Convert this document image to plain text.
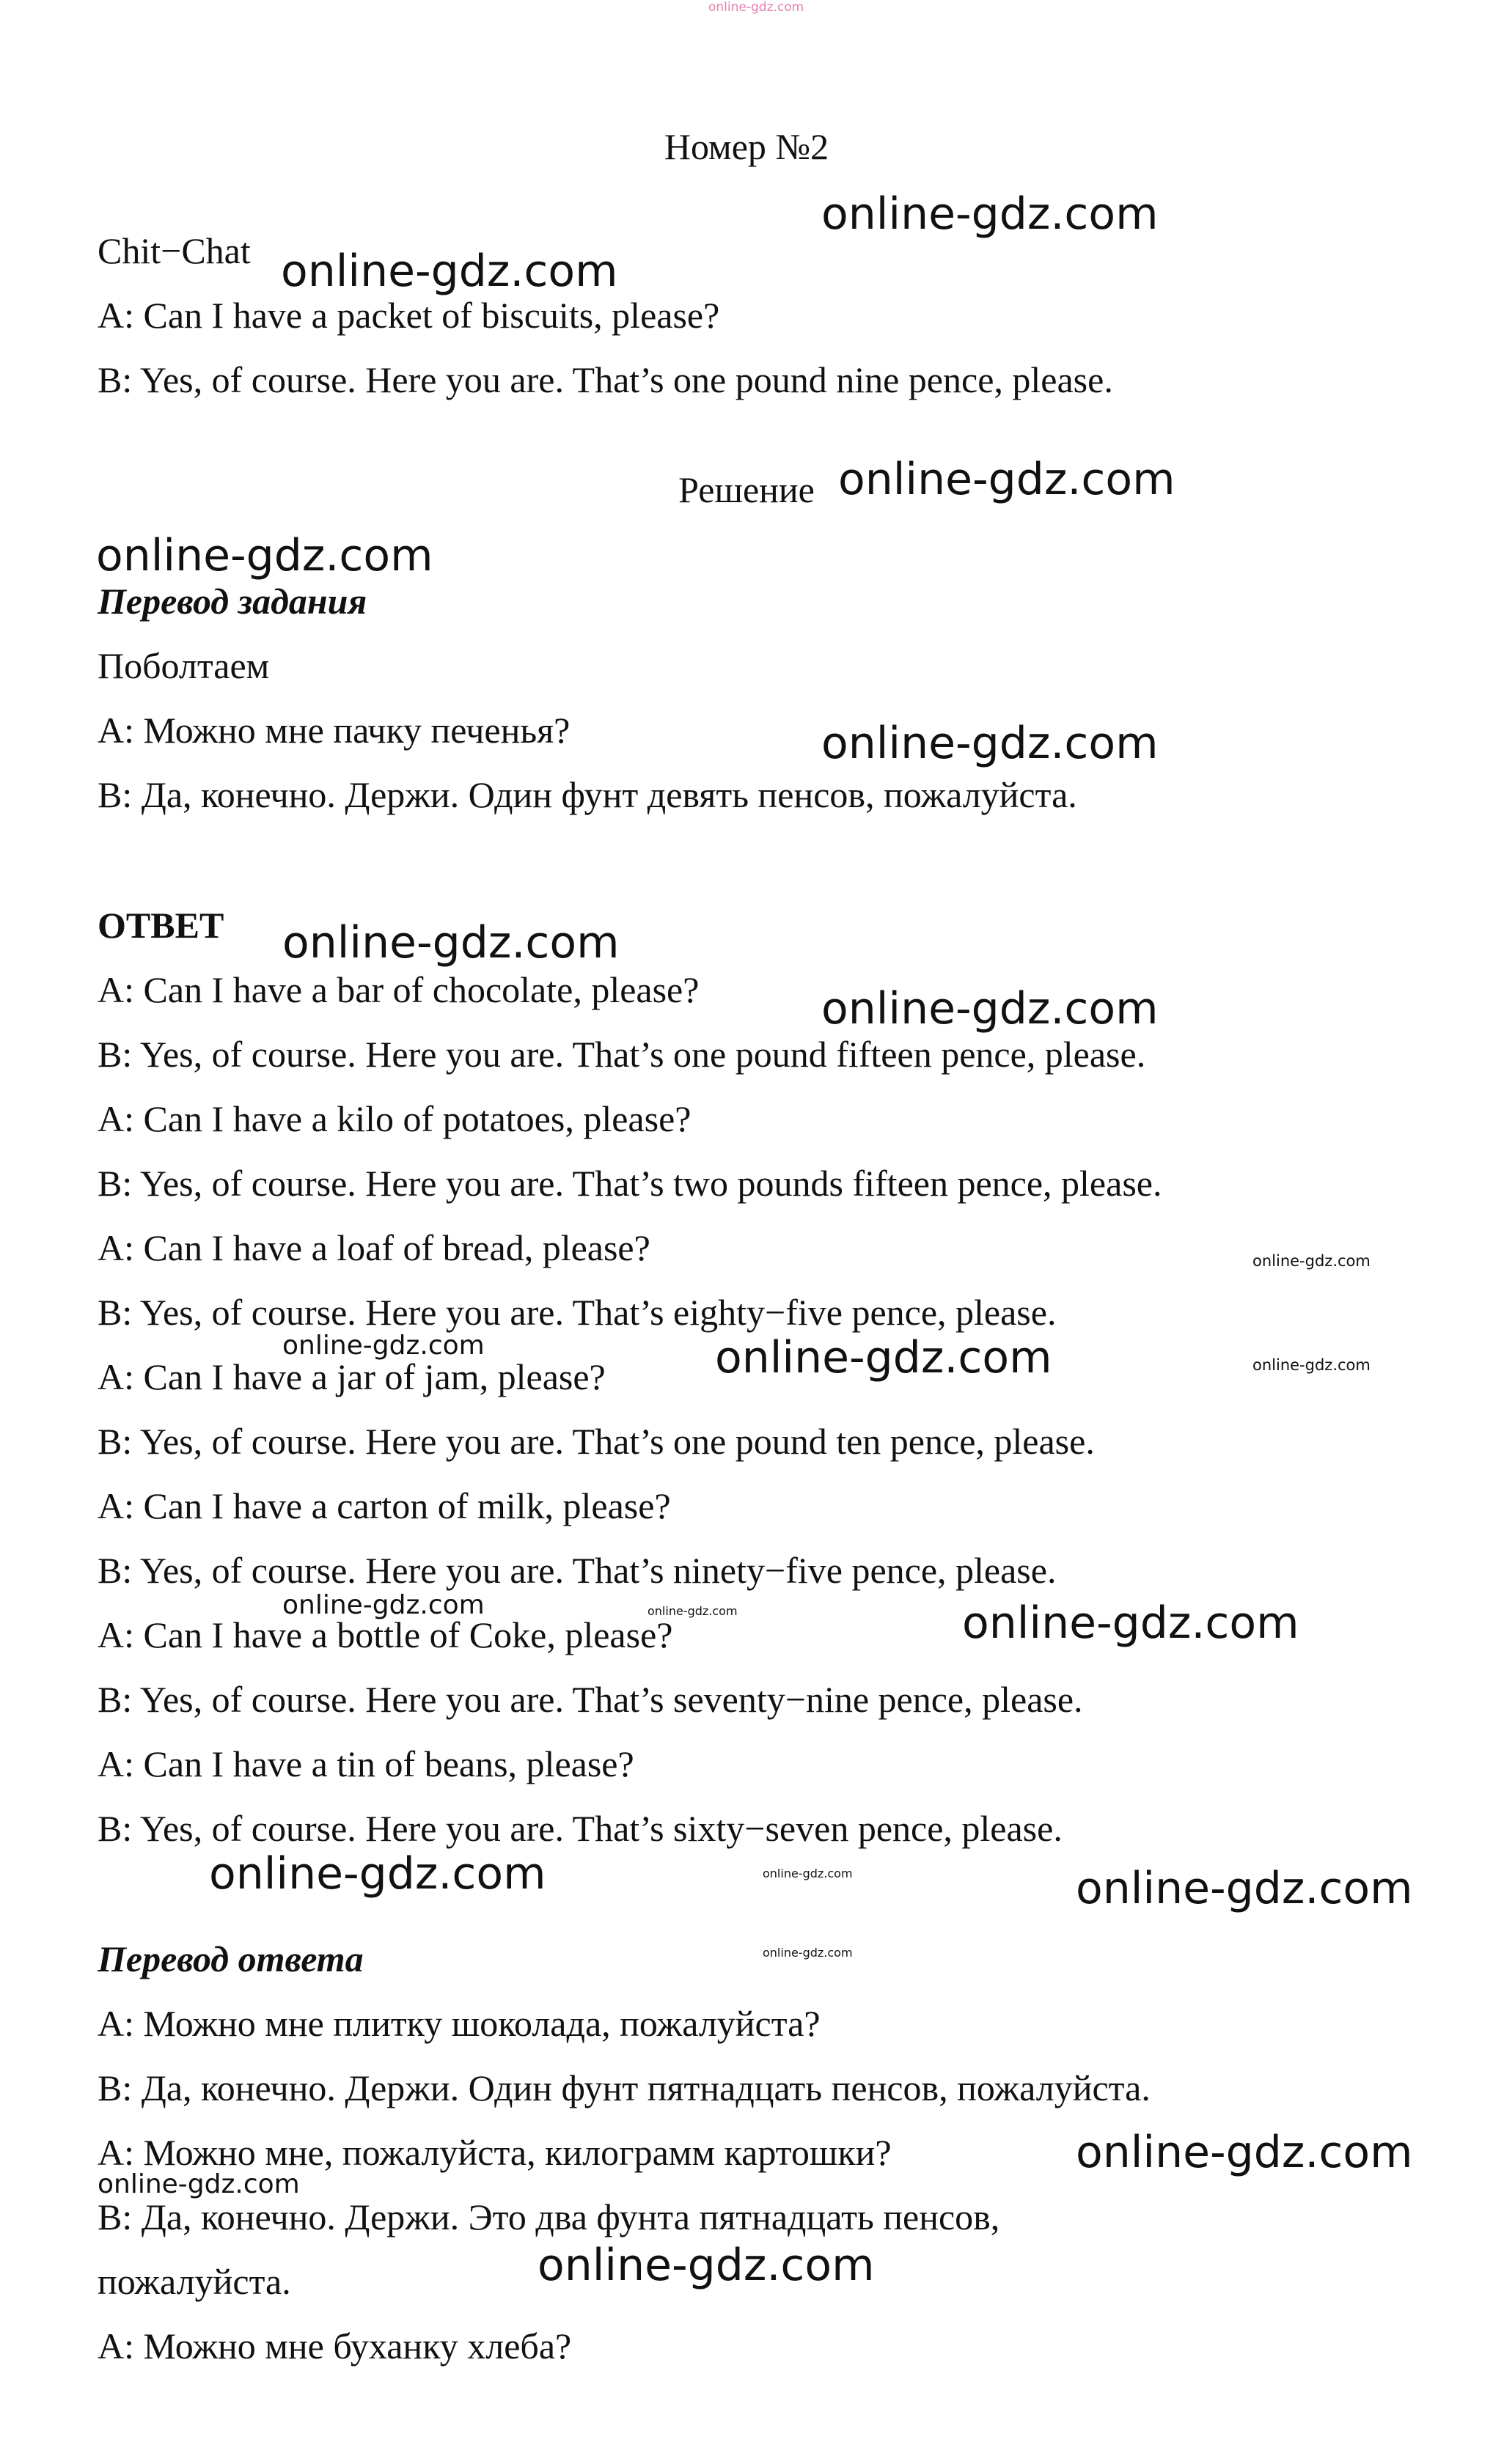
Номер №2
Chit−Chat
A: Can I have a packet of biscuits, please?
B: Yes, of course. Here you are. That’s one pound nine pence, please.
Решение
Перевод задания
Поболтаем
A: Можно мне пачку печенья?
B: Да, конечно. Держи. Один фунт девять пенсов, пожалуйста.
ОТВЕТ
A: Can I have a bar of chocolate, please?
B: Yes, of course. Here you are. That’s one pound fifteen pence, please.
A: Can I have a kilo of potatoes, please?
B: Yes, of course. Here you are. That’s two pounds fifteen pence, please.
A: Can I have a loaf of bread, please?
B: Yes, of course. Here you are. That’s eighty−five pence, please.
A: Can I have a jar of jam, please?
B: Yes, of course. Here you are. That’s one pound ten pence, please.
A: Can I have a carton of milk, please?
B: Yes, of course. Here you are. That’s ninety−five pence, please.
A: Can I have a bottle of Coke, please?
B: Yes, of course. Here you are. That’s seventy−nine pence, please.
A: Can I have a tin of beans, please?
B: Yes, of course. Here you are. That’s sixty−seven pence, please.
Перевод ответа
A: Можно мне плитку шоколада, пожалуйста?
B: Да, конечно. Держи. Один фунт пятнадцать пенсов, пожалуйста.
A: Можно мне, пожалуйста, килограмм картошки?
B: Да, конечно. Держи. Это два фунта пятнадцать пенсов,
пожалуйста.
A: Можно мне буханку хлеба?
online-gdz.com
online-gdz.com
online-gdz.com
online-gdz.com
online-gdz.com
online-gdz.com
online-gdz.com
online-gdz.com
online-gdz.com
online-gdz.com
online-gdz.com	online-gdz.com
online-gdz.com	online-gdz.com	online-gdz.com
online-gdz.com	online-gdz.com	online-gdz.com
online-gdz.com
online-gdz.com
online-gdz.com
online-gdz.com
